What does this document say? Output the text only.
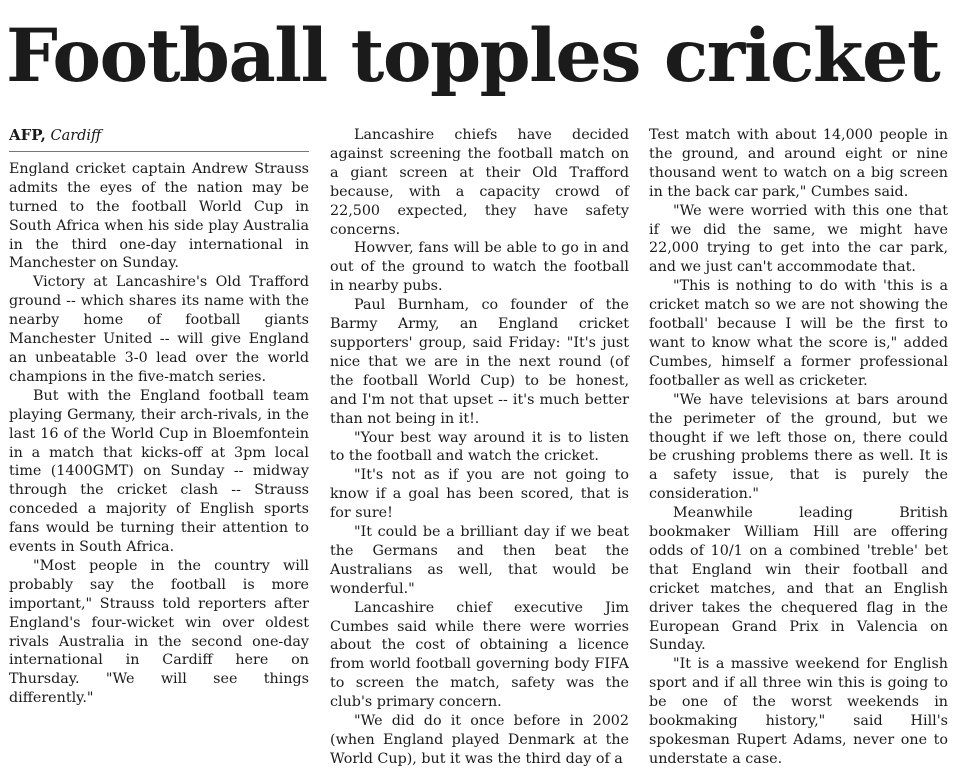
Football topples cricket
AFP, Cardiff

England cricket captain Andrew Strauss admits the eyes of the nation may be turned to the football World Cup in South Africa when his side play Australia in the third one-day international in Manchester on Sunday.

Victory at Lancashire's Old Trafford ground -- which shares its name with the nearby home of football giants Manchester United -- will give England an unbeatable 3-0 lead over the world champions in the five-match series.

But with the England football team playing Germany, their arch-rivals, in the last 16 of the World Cup in Bloemfontein in a match that kicks-off at 3pm local time (1400GMT) on Sunday -- midway through the cricket clash -- Strauss conceded a majority of English sports fans would be turning their attention to events in South Africa.

"Most people in the country will probably say the football is more important," Strauss told reporters after England's four-wicket win over oldest rivals Australia in the second one-day international in Cardiff here on Thursday. "We will see things differently."

Lancashire chiefs have decided against screening the football match on a giant screen at their Old Trafford because, with a capacity crowd of 22,500 expected, they have safety concerns.

Howver, fans will be able to go in and out of the ground to watch the football in nearby pubs.

Paul Burnham, co founder of the Barmy Army, an England cricket supporters' group, said Friday: "It's just nice that we are in the next round (of the football World Cup) to be honest, and I'm not that upset -- it's much better than not being in it!.

"Your best way around it is to listen to the football and watch the cricket.

"It's not as if you are not going to know if a goal has been scored, that is for sure!

"It could be a brilliant day if we beat the Germans and then beat the Australians as well, that would be wonderful."

Lancashire chief executive Jim Cumbes said while there were worries about the cost of obtaining a licence from world football governing body FIFA to screen the match, safety was the club's primary concern.

"We did do it once before in 2002 (when England played Denmark at the World Cup), but it was the third day of a

Test match with about 14,000 people in the ground, and around eight or nine thousand went to watch on a big screen in the back car park," Cumbes said.

"We were worried with this one that if we did the same, we might have 22,000 trying to get into the car park, and we just can't accommodate that.

"This is nothing to do with 'this is a cricket match so we are not showing the football' because I will be the first to want to know what the score is," added Cumbes, himself a former professional footballer as well as cricketer.

"We have televisions at bars around the perimeter of the ground, but we thought if we left those on, there could be crushing problems there as well. It is a safety issue, that is purely the consideration."

Meanwhile leading British bookmaker William Hill are offering odds of 10/1 on a combined 'treble' bet that England win their football and cricket matches, and that an English driver takes the chequered flag in the European Grand Prix in Valencia on Sunday.

"It is a massive weekend for English sport and if all three win this is going to be one of the worst weekends in bookmaking history," said Hill's spokesman Rupert Adams, never one to understate a case.
